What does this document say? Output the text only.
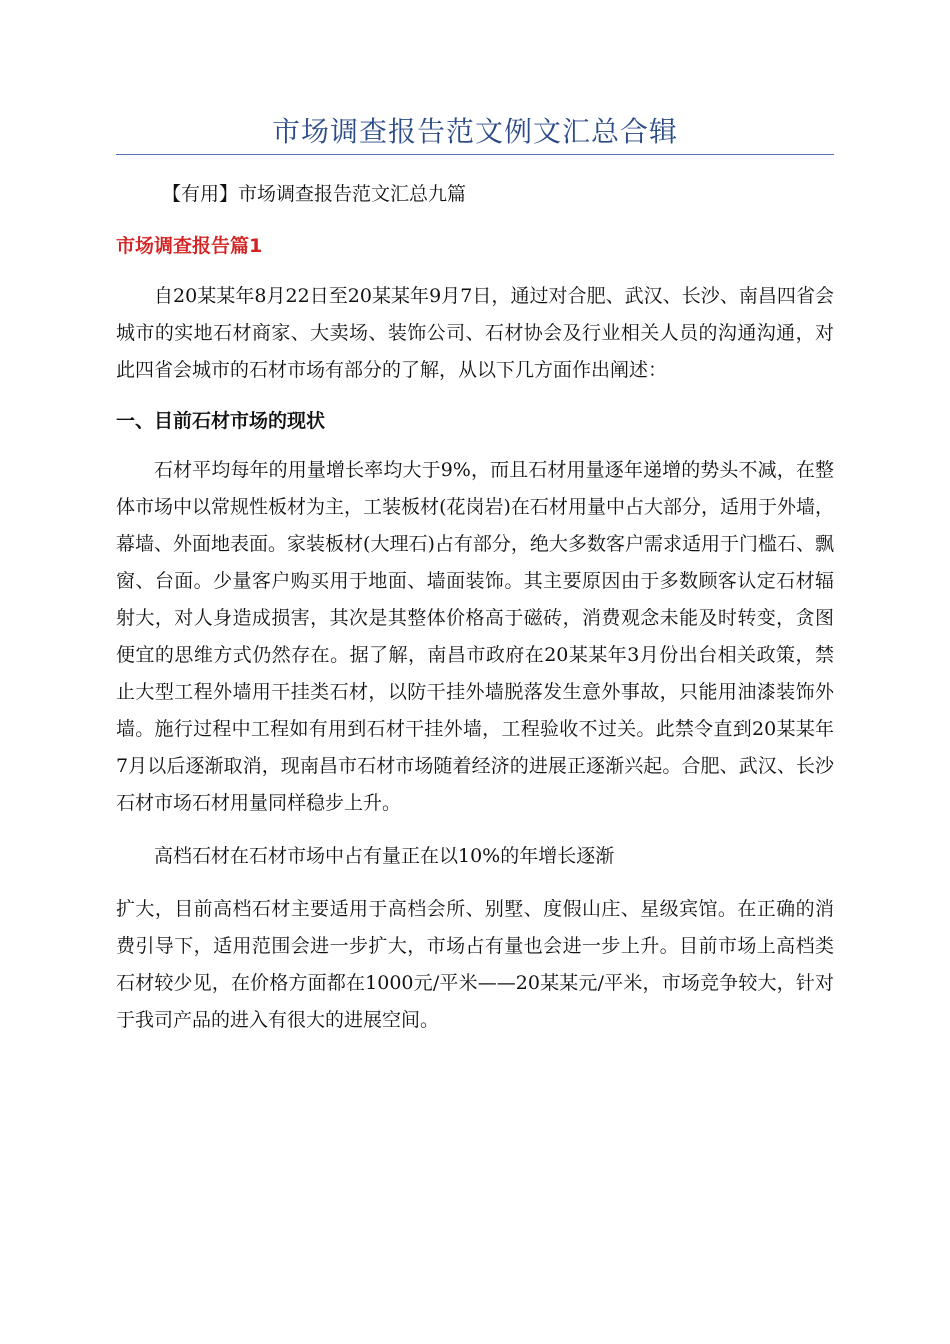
市场调查报告范文例文汇总合辑

【有用】市场调查报告范文汇总九篇

市场调查报告篇1

自20某某年8月22日至20某某年9月7日，通过对合肥、武汉、长沙、南昌四省会城市的实地石材商家、大卖场、装饰公司、石材协会及行业相关人员的沟通沟通，对此四省会城市的石材市场有部分的了解，从以下几方面作出阐述：

一、目前石材市场的现状

石材平均每年的用量增长率均大于9%，而且石材用量逐年递增的势头不减，在整体市场中以常规性板材为主，工装板材(花岗岩)在石材用量中占大部分，适用于外墙，幕墙、外面地表面。家装板材(大理石)占有部分，绝大多数客户需求适用于门槛石、飘窗、台面。少量客户购买用于地面、墙面装饰。其主要原因由于多数顾客认定石材辐射大，对人身造成损害，其次是其整体价格高于磁砖，消费观念未能及时转变，贪图便宜的思维方式仍然存在。据了解，南昌市政府在20某某年3月份出台相关政策，禁止大型工程外墙用干挂类石材，以防干挂外墙脱落发生意外事故，只能用油漆装饰外墙。施行过程中工程如有用到石材干挂外墙，工程验收不过关。此禁令直到20某某年7月以后逐渐取消，现南昌市石材市场随着经济的进展正逐渐兴起。合肥、武汉、长沙石材市场石材用量同样稳步上升。

高档石材在石材市场中占有量正在以10%的年增长逐渐

扩大，目前高档石材主要适用于高档会所、别墅、度假山庄、星级宾馆。在正确的消费引导下，适用范围会进一步扩大，市场占有量也会进一步上升。目前市场上高档类石材较少见，在价格方面都在1000元/平米——20某某元/平米，市场竞争较大，针对于我司产品的进入有很大的进展空间。
